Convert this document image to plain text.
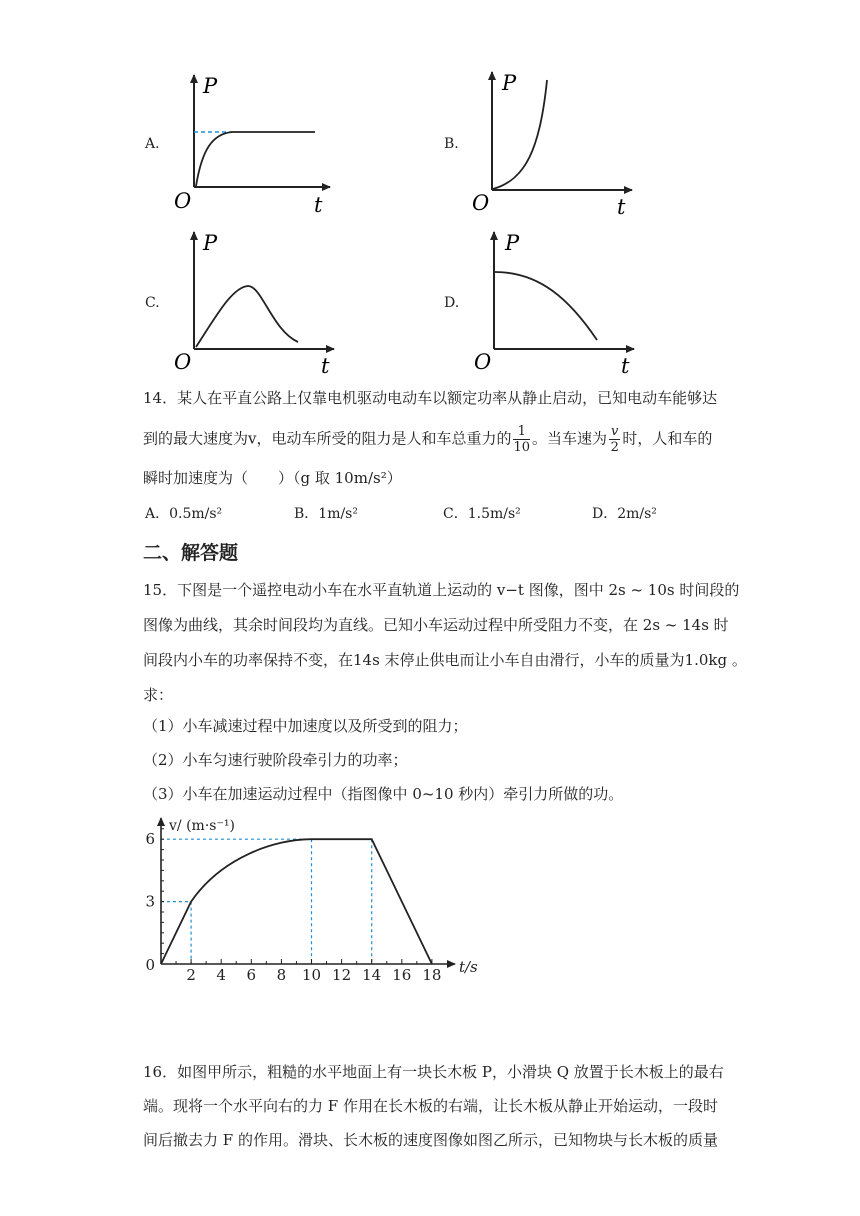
P
O	t
P
O	t
P
O	t
P
O	t
A.	B.
C.	D.
14．某人在平直公路上仅靠电机驱动电动车以额定功率从静止启动，已知电动车能够达
到的最大速度为v，电动车所受的阻力是人和车总重力的 $\frac{1}{10}$ 。当车速为 $\frac{v}{2}$ 时，人和车的
瞬时加速度为（　　）（g 取 10m/s²）
A．0.5m/s²	B．1m/s²	C．1.5m/s²	D．2m/s²
二、解答题
15．下图是一个遥控电动小车在水平直轨道上运动的 v−t 图像，图中 2s ~ 10s 时间段的
图像为曲线，其余时间段均为直线。已知小车运动过程中所受阻力不变，在 2s ~ 14s 时
间段内小车的功率保持不变，在14s 末停止供电而让小车自由滑行，小车的质量为1.0kg 。
求：
（1）小车减速过程中加速度以及所受到的阻力；
（2）小车匀速行驶阶段牵引力的功率；
（3）小车在加速运动过程中（指图像中 0~10 秒内）牵引力所做的功。
2 4 6 8 10 12 14 16 18
3
6
0
v/ (m·s⁻¹)
t/s
16．如图甲所示，粗糙的水平地面上有一块长木板 P，小滑块 Q 放置于长木板上的最右
端。现将一个水平向右的力 F 作用在长木板的右端，让长木板从静止开始运动，一段时
间后撤去力 F 的作用。滑块、长木板的速度图像如图乙所示，已知物块与长木板的质量
